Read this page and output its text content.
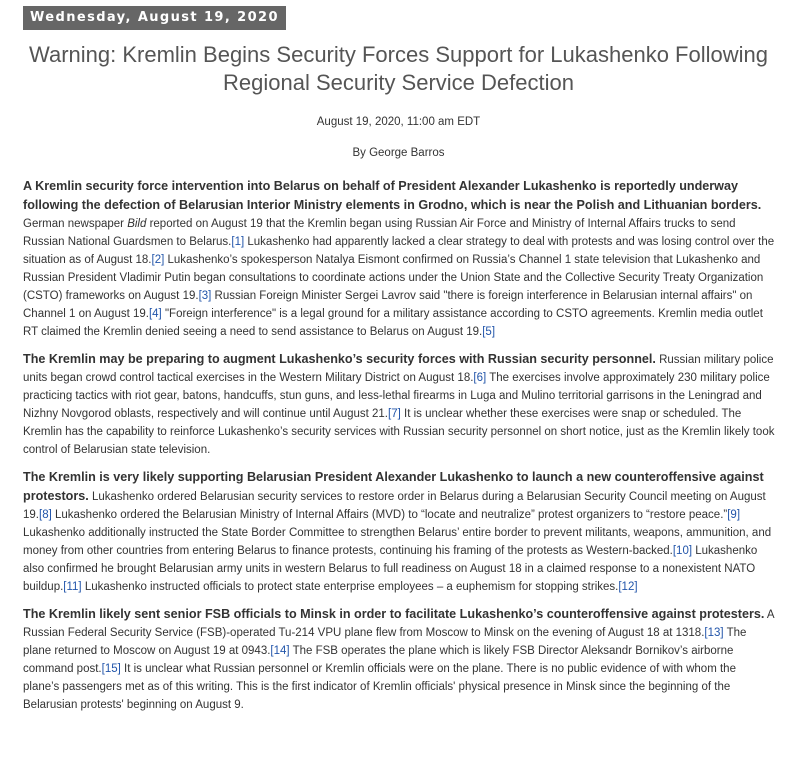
Wednesday, August 19, 2020
Warning: Kremlin Begins Security Forces Support for Lukashenko Following Regional Security Service Defection
August 19, 2020, 11:00 am EDT
By George Barros

A Kremlin security force intervention into Belarus on behalf of President Alexander Lukashenko is reportedly underway following the defection of Belarusian Interior Ministry elements in Grodno, which is near the Polish and Lithuanian borders. German newspaper Bild reported on August 19 that the Kremlin began using Russian Air Force and Ministry of Internal Affairs trucks to send Russian National Guardsmen to Belarus.[1] Lukashenko had apparently lacked a clear strategy to deal with protests and was losing control over the situation as of August 18.[2] Lukashenko’s spokesperson Natalya Eismont confirmed on Russia’s Channel 1 state television that Lukashenko and Russian President Vladimir Putin began consultations to coordinate actions under the Union State and the Collective Security Treaty Organization (CSTO) frameworks on August 19.[3] Russian Foreign Minister Sergei Lavrov said "there is foreign interference in Belarusian internal affairs" on Channel 1 on August 19.[4] "Foreign interference" is a legal ground for a military assistance according to CSTO agreements. Kremlin media outlet RT claimed the Kremlin denied seeing a need to send assistance to Belarus on August 19.[5]

The Kremlin may be preparing to augment Lukashenko’s security forces with Russian security personnel. Russian military police units began crowd control tactical exercises in the Western Military District on August 18.[6] The exercises involve approximately 230 military police practicing tactics with riot gear, batons, handcuffs, stun guns, and less-lethal firearms in Luga and Mulino territorial garrisons in the Leningrad and Nizhny Novgorod oblasts, respectively and will continue until August 21.[7] It is unclear whether these exercises were snap or scheduled. The Kremlin has the capability to reinforce Lukashenko’s security services with Russian security personnel on short notice, just as the Kremlin likely took control of Belarusian state television.

The Kremlin is very likely supporting Belarusian President Alexander Lukashenko to launch a new counteroffensive against protestors. Lukashenko ordered Belarusian security services to restore order in Belarus during a Belarusian Security Council meeting on August 19.[8] Lukashenko ordered the Belarusian Ministry of Internal Affairs (MVD) to “locate and neutralize” protest organizers to “restore peace.”[9] Lukashenko additionally instructed the State Border Committee to strengthen Belarus’ entire border to prevent militants, weapons, ammunition, and money from other countries from entering Belarus to finance protests, continuing his framing of the protests as Western-backed.[10] Lukashenko also confirmed he brought Belarusian army units in western Belarus to full readiness on August 18 in a claimed response to a nonexistent NATO buildup.[11] Lukashenko instructed officials to protect state enterprise employees – a euphemism for stopping strikes.[12]

The Kremlin likely sent senior FSB officials to Minsk in order to facilitate Lukashenko’s counteroffensive against protesters. A Russian Federal Security Service (FSB)-operated Tu-214 VPU plane flew from Moscow to Minsk on the evening of August 18 at 1318.[13] The plane returned to Moscow on August 19 at 0943.[14] The FSB operates the plane which is likely FSB Director Aleksandr Bornikov’s airborne command post.[15] It is unclear what Russian personnel or Kremlin officials were on the plane. There is no public evidence of with whom the plane’s passengers met as of this writing. This is the first indicator of Kremlin officials' physical presence in Minsk since the beginning of the Belarusian protests' beginning on August 9.
